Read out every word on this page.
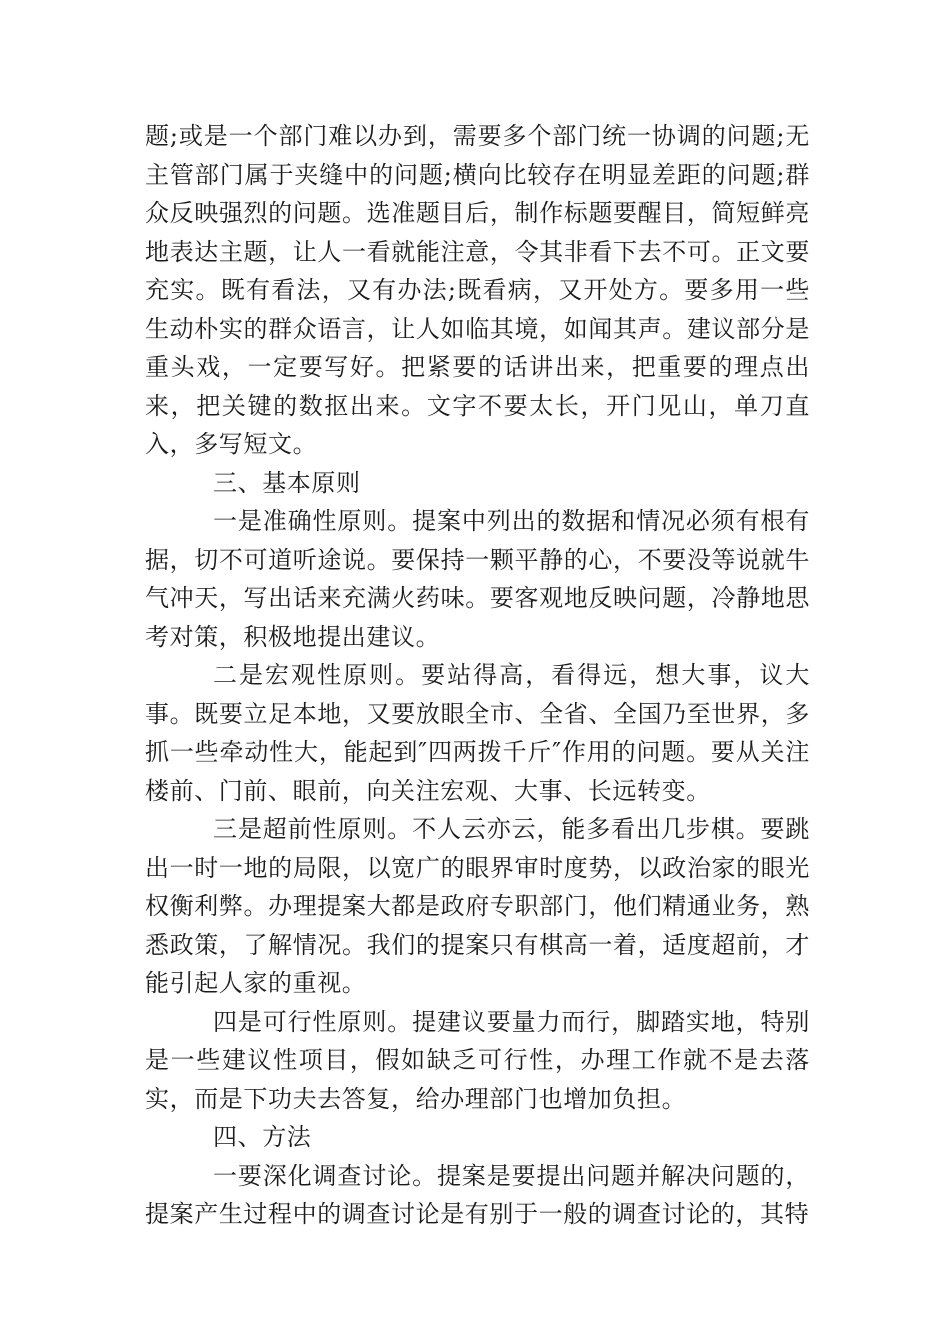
题;或是一个部门难以办到，需要多个部门统一协调的问题;无主管部门属于夹缝中的问题;横向比较存在明显差距的问题;群众反映强烈的问题。选准题目后，制作标题要醒目，简短鲜亮地表达主题，让人一看就能注意，令其非看下去不可。正文要充实。既有看法，又有办法;既看病，又开处方。要多用一些生动朴实的群众语言，让人如临其境，如闻其声。建议部分是重头戏，一定要写好。把紧要的话讲出来，把重要的理点出来，把关键的数抠出来。文字不要太长，开门见山，单刀直入，多写短文。

三、基本原则

一是准确性原则。提案中列出的数据和情况必须有根有据，切不可道听途说。要保持一颗平静的心，不要没等说就牛气冲天，写出话来充满火药味。要客观地反映问题，冷静地思考对策，积极地提出建议。

二是宏观性原则。要站得高，看得远，想大事，议大事。既要立足本地，又要放眼全市、全省、全国乃至世界，多抓一些牵动性大，能起到″四两拨千斤″作用的问题。要从关注楼前、门前、眼前，向关注宏观、大事、长远转变。

三是超前性原则。不人云亦云，能多看出几步棋。要跳出一时一地的局限，以宽广的眼界审时度势，以政治家的眼光权衡利弊。办理提案大都是政府专职部门，他们精通业务，熟悉政策，了解情况。我们的提案只有棋高一着，适度超前，才能引起人家的重视。

四是可行性原则。提建议要量力而行，脚踏实地，特别是一些建议性项目，假如缺乏可行性，办理工作就不是去落实，而是下功夫去答复，给办理部门也增加负担。

四、方法

一要深化调查讨论。提案是要提出问题并解决问题的，提案产生过程中的调查讨论是有别于一般的调查讨论的，其特
